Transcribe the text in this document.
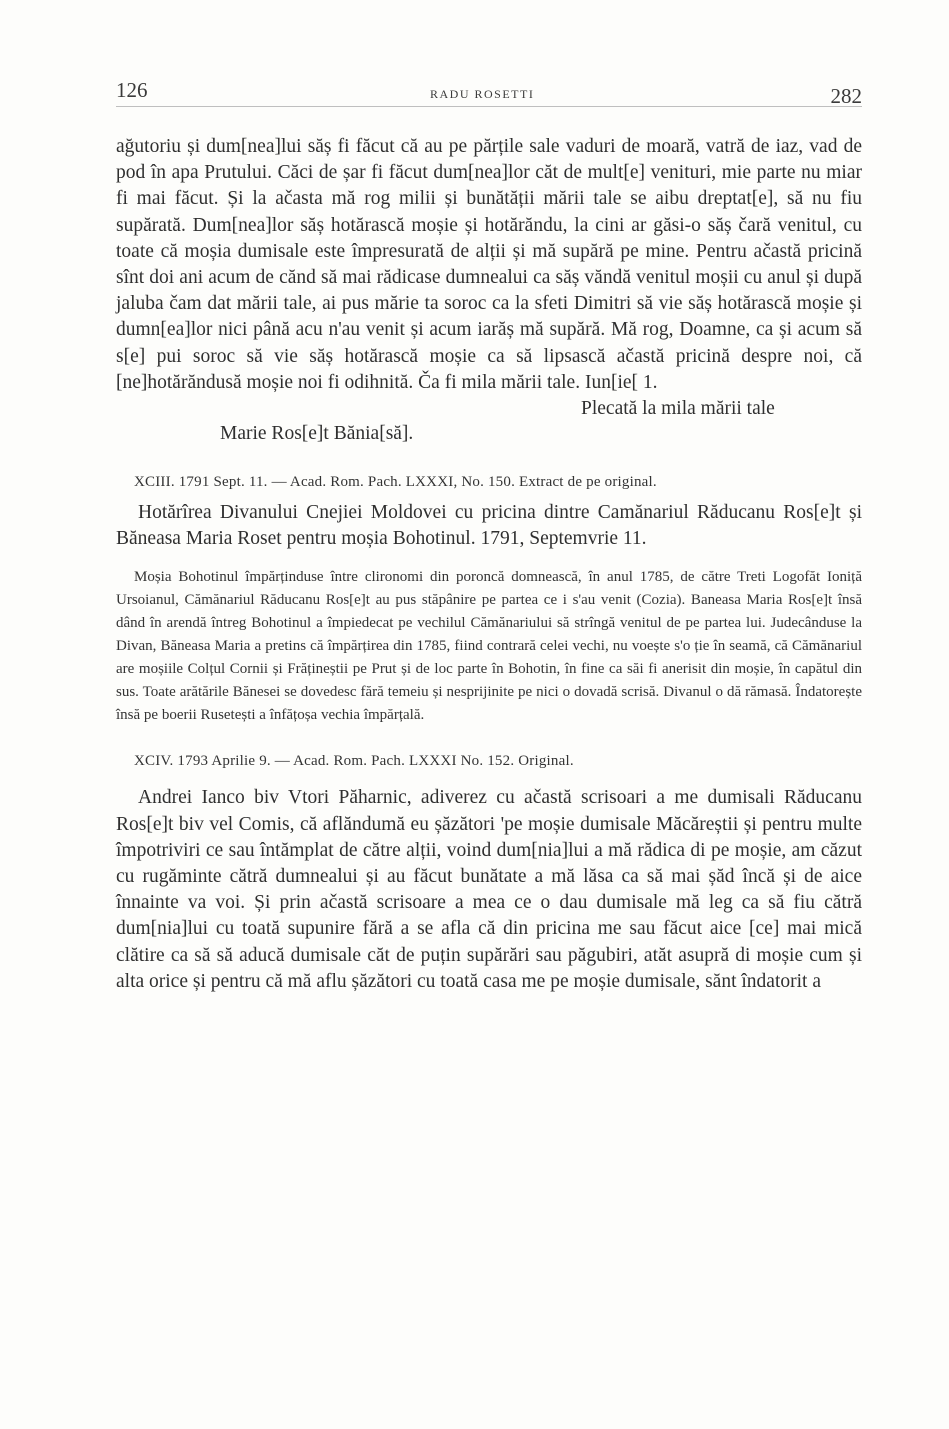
126	RADU ROSETTI	282

ağutoriu și dum[nea]lui săș fi făcut că au pe părțile sale vaduri de moară, vatră de iaz, vad de pod în apa Prutului. Căci de șar fi făcut dum[nea]lor căt de mult[e] venituri, mie parte nu miar fi mai făcut. Și la ačasta mă rog milii și bunătății mării tale se aibu dreptat[e], să nu fiu supărată. Dum[nea]lor săș hotărască moșie și hotărăndu, la cini ar găsi-o săș čară venitul, cu toate că moșia dumisale este împresurată de alții și mă supără pe mine. Pentru ačastă pricină sînt doi ani acum de cănd să mai rădicase dumnealui ca săș văndă venitul moșii cu anul și după jaluba čam dat mării tale, ai pus mărie ta soroc ca la sfeti Dimitri să vie săș hotărască moșie și dumn[ea]lor nici până acu n'au venit și acum iarăș mă supără. Mă rog, Doamne, ca și acum să s[e] pui soroc să vie săș hotărască moșie ca să lipsască ačastă pricină despre noi, că [ne]hotărăndusă moșie noi fi odihnită. Ča fi mila mării tale. Iun[ie[ 1.

Plecată la mila mării tale
Marie Ros[e]t Bănia[să].

XCIII. 1791 Sept. 11. — Acad. Rom. Pach. LXXXI, No. 150. Extract de pe original.

Hotărîrea Divanului Cnejiei Moldovei cu pricina dintre Camănariul Răducanu Ros[e]t și Băneasa Maria Roset pentru moșia Bohotinul. 1791, Septemvrie 11.

Moșia Bohotinul împărținduse între clironomi din poroncă domnească, în anul 1785, de către Treti Logofăt Ioniță Ursoianul, Cămănariul Răducanu Ros[e]t au pus stăpânire pe partea ce i s'au venit (Cozia). Baneasa Maria Ros[e]t însă dând în arendă întreg Bohotinul a împiedecat pe vechilul Cămănariului să strîngă venitul de pe partea lui. Judecânduse la Divan, Băneasa Maria a pretins că împărțirea din 1785, fiind contrară celei vechi, nu voește s'o ție în seamă, că Cămănariul are moșiile Colțul Cornii și Frățineștii pe Prut și de loc parte în Bohotin, în fine ca săi fi anerisit din moșie, în capătul din sus. Toate arătările Bănesei se dovedesc fără temeiu și nesprijinite pe nici o dovadă scrisă. Divanul o dă rămasă. Îndatorește însă pe boerii Rusetești a înfățoșa vechia împărțală.

XCIV. 1793 Aprilie 9. — Acad. Rom. Pach. LXXXI No. 152. Original.

Andrei Ianco biv Vtori Păharnic, adiverez cu ačastă scrisoari a me dumisali Răducanu Ros[e]t biv vel Comis, că aflăndumă eu șăzători 'pe moșie dumisale Măcăreștii și pentru multe împotriviri ce sau întămplat de către alții, voind dum[nia]lui a mă rădica di pe moșie, am căzut cu rugăminte cătră dumnealui și au făcut bunătate a mă lăsa ca să mai șăd încă și de aice înnainte va voi. Și prin ačastă scrisoare a mea ce o dau dumisale mă leg ca să fiu cătră dum[nia]lui cu toată supunire fără a se afla că din pricina me sau făcut aice [ce] mai mică clătire ca să să aducă dumisale căt de puțin supărări sau păgubiri, atăt asupră di moșie cum și alta orice și pentru că mă aflu șăzători cu toată casa me pe moșie dumisale, sănt îndatorit a
